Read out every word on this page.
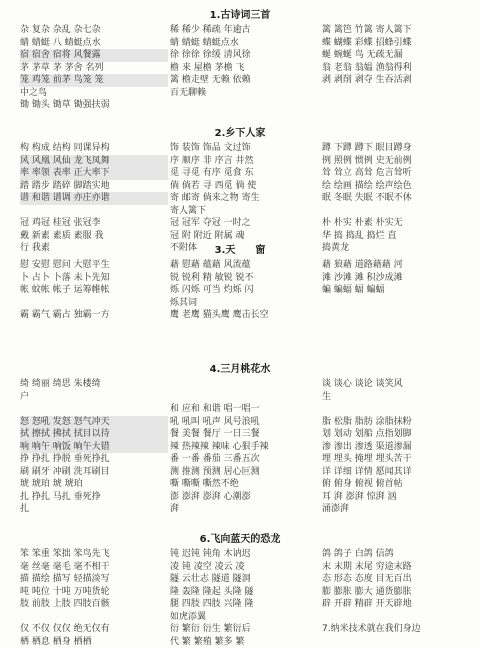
1.古诗词三首
杂 复杂 杂乱 杂七杂
蜻 蜻蜓 八 蜻蜓点水
宿 宿舍 宿将 风餐露
茅 茅草 茅 茅舍 名列
笼 鸡笼 前茅 鸟笼 笼
中之鸟
锄 锄头 锄草 锄强扶弱
稀 稀少 稀疏 年逾古
蜻 蜻蜓 蜻蜓点水
徐 徐徐 徐缓 清风徐
檐 来 屋檐 茅檐 飞
篱 檐走壁 无赖 依赖
百无聊赖
篱 篱笆 竹篱 寄人篱下
蝶 蝴蝶 彩蝶 招蜂引蝶
蜒 蜿蜒 鸟 无疏无漏
翁 老翁 翁媪 渔翁得利
剥 剥削 剥夺 生吞活剥
2.乡下人家
构 构成 结构 同课异构
风 风凰 风仙 龙飞凤舞
率 率领 表率 正大率下
踏 踏步 踏碎 脚踏实地
谱 和谐 谱调 亦庄亦谐
冠 鸡冠 桂冠 张冠李
戴 新素 素质 素服 我
行 我素
饰 装饰 饰品 文过饰
序 顺序 非 序言 井然
觅 寻觅 有序 觅食 东
倘 倘若 寻 西觅 倘 使
寄 邮寄 倘来之物 寄生
寄人篱下
冠 冠军 夺冠 一时之
冠 附 附近 附属 魂
不附体
蹲 下蹲 蹲下 眼目蹲身
例 照例 惯例 史无前例
耸 耸立 高耸 危言耸听
绘 绘画 描绘 绘声绘色
眠 冬眠 失眠 不眠不休
朴 朴实 朴素 朴实无
华 捣 捣乱 捣烂 直
捣黄龙
3.天　　窗
慰 安慰 慰问 大慰平生
卜 占卜 卜落 未卜先知
帐 蚊帐 帐子 运筹帷帐
霸 霸气 霸占 独霸一方
藉 慰藉 蕴藉 风流蕴
锐 锐利 精 敏锐 锐不
烁 闪烁 可当 灼烁 闪
烁其词
鹰 老鹰 猫头鹰 鹰击长空
藉 狼藉 道路藉藉 河
滩 沙滩 滩 积沙成滩
蝙 蝙蝠 蝠 蝙蝠
4.三月桃花水
绮 绮丽 绮思 朱楼绮
户
怒 怒吼 发怒 怒气冲天
拭 擦拭 拂拭 拭目以待
响 响午 响饭 晌午大错
挣 挣扎 挣脱 垂死挣扎
刷 刷牙 冲刷 洗耳刷目
琥 琥珀 琥 琥珀
扎 挣扎 马扎 垂死挣
扎
和 应和 和谐 唱一唱一
吼 吼叫 吼声 风号浪吼
餐 美餐 餐厅 一日三餐
辣 热辣辣 辣味 心狠手辣
番 一番 番茄 三番五次
测 推测 预测 居心叵测
嘶 嘶嘶 嘶然不绝
澎 澎湃 澎湃 心潮澎
湃
谈 谈心 谈论 谈笑风
生
脂 松脂 脂肪 涂脂抹粉
划 划动 划船 点指划脚
渗 渗出 渗透 渠道渗漏
埋 埋头 掩埋 埋头苦干
详 详细 详情 愿闻其详
俯 俯身 俯视 俯首帖
耳 湃 澎湃 惊湃 汹
涌澎湃
6.飞向蓝天的恐龙
笨 笨重 笨拙 笨鸟先飞
毫 丝毫 毫毛 毫不相干
描 描绘 描写 轻描淡写
吨 吨位 十吨 万吨货轮
肢 前肢 上肢 四肢百骸
仅 不仅 仅仅 绝无仅有
栖 栖息 栖身 栖栖
钝 迟钝 钝角 木讷迟
凌 钝 凌空 凌云 凌
隧 云壮志 隧道 隧洞
隆 轰隆 隆起 头隆 隧
腿 四肢 四肢 兴隆 隆
如虎添翼
衍 繁衍 衍生 繁衍后
代 繁 繁殖 繁多 繁
鸽 鸽子 白鸽 信鸽
末 末期 末尾 穷途末路
态 形态 态度 目无百出
膨 膨胀 膨大 通货膨胀
辟 开辟 精辟 开天辟地
7.纳米技术就在我们身边
